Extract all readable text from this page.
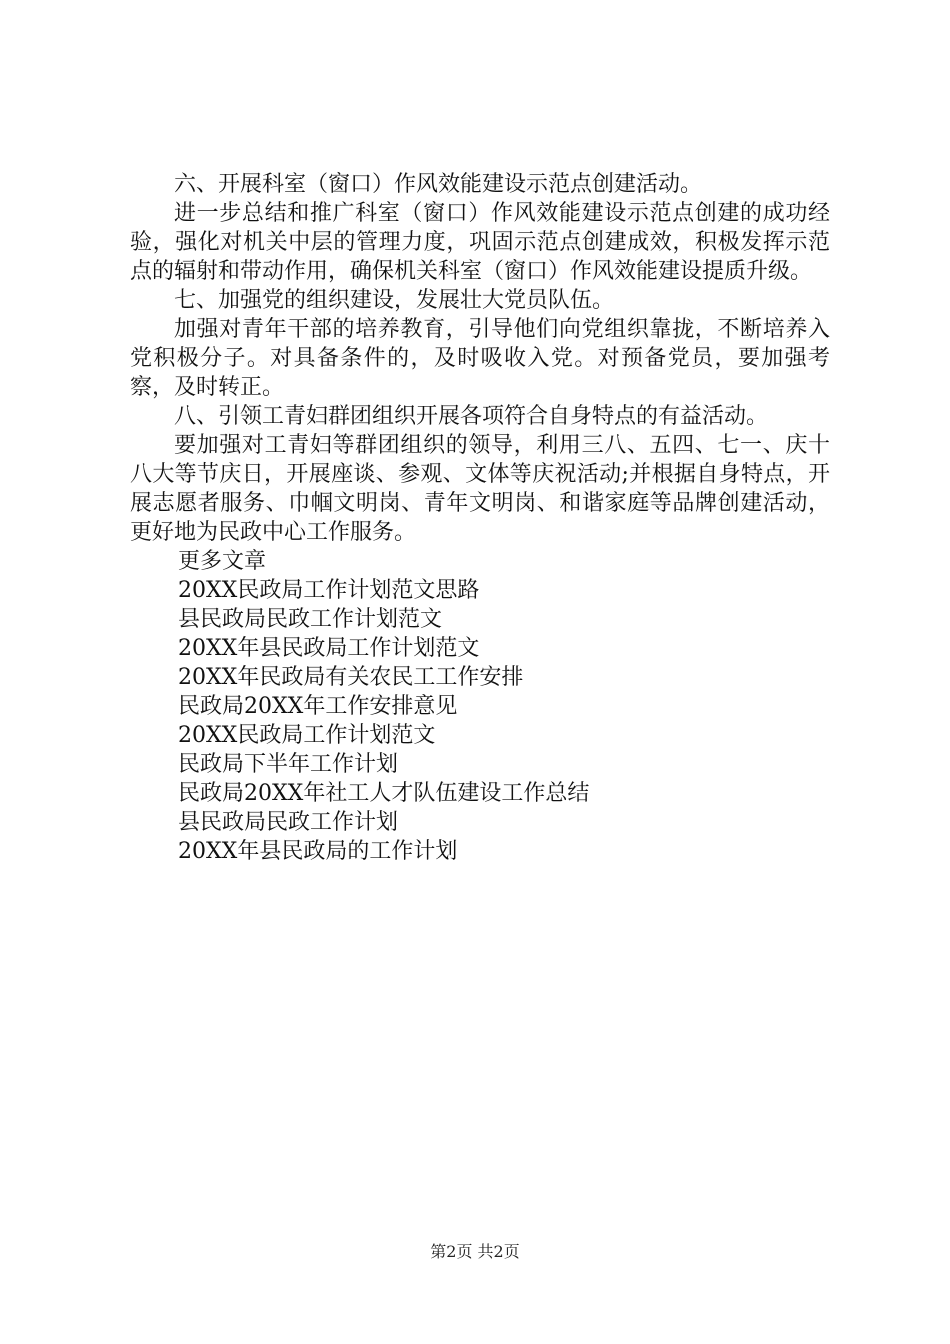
六、开展科室（窗口）作风效能建设示范点创建活动。

进一步总结和推广科室（窗口）作风效能建设示范点创建的成功经验，强化对机关中层的管理力度，巩固示范点创建成效，积极发挥示范点的辐射和带动作用，确保机关科室（窗口）作风效能建设提质升级。

七、加强党的组织建设，发展壮大党员队伍。

加强对青年干部的培养教育，引导他们向党组织靠拢，不断培养入党积极分子。对具备条件的，及时吸收入党。对预备党员，要加强考察，及时转正。

八、引领工青妇群团组织开展各项符合自身特点的有益活动。

要加强对工青妇等群团组织的领导，利用三八、五四、七一、庆十八大等节庆日，开展座谈、参观、文体等庆祝活动;并根据自身特点，开展志愿者服务、巾帼文明岗、青年文明岗、和谐家庭等品牌创建活动，更好地为民政中心工作服务。

更多文章

20XX民政局工作计划范文思路
县民政局民政工作计划范文
20XX年县民政局工作计划范文
20XX年民政局有关农民工工作安排
民政局20XX年工作安排意见
20XX民政局工作计划范文
民政局下半年工作计划
民政局20XX年社工人才队伍建设工作总结
县民政局民政工作计划
20XX年县民政局的工作计划
第2页 共2页
